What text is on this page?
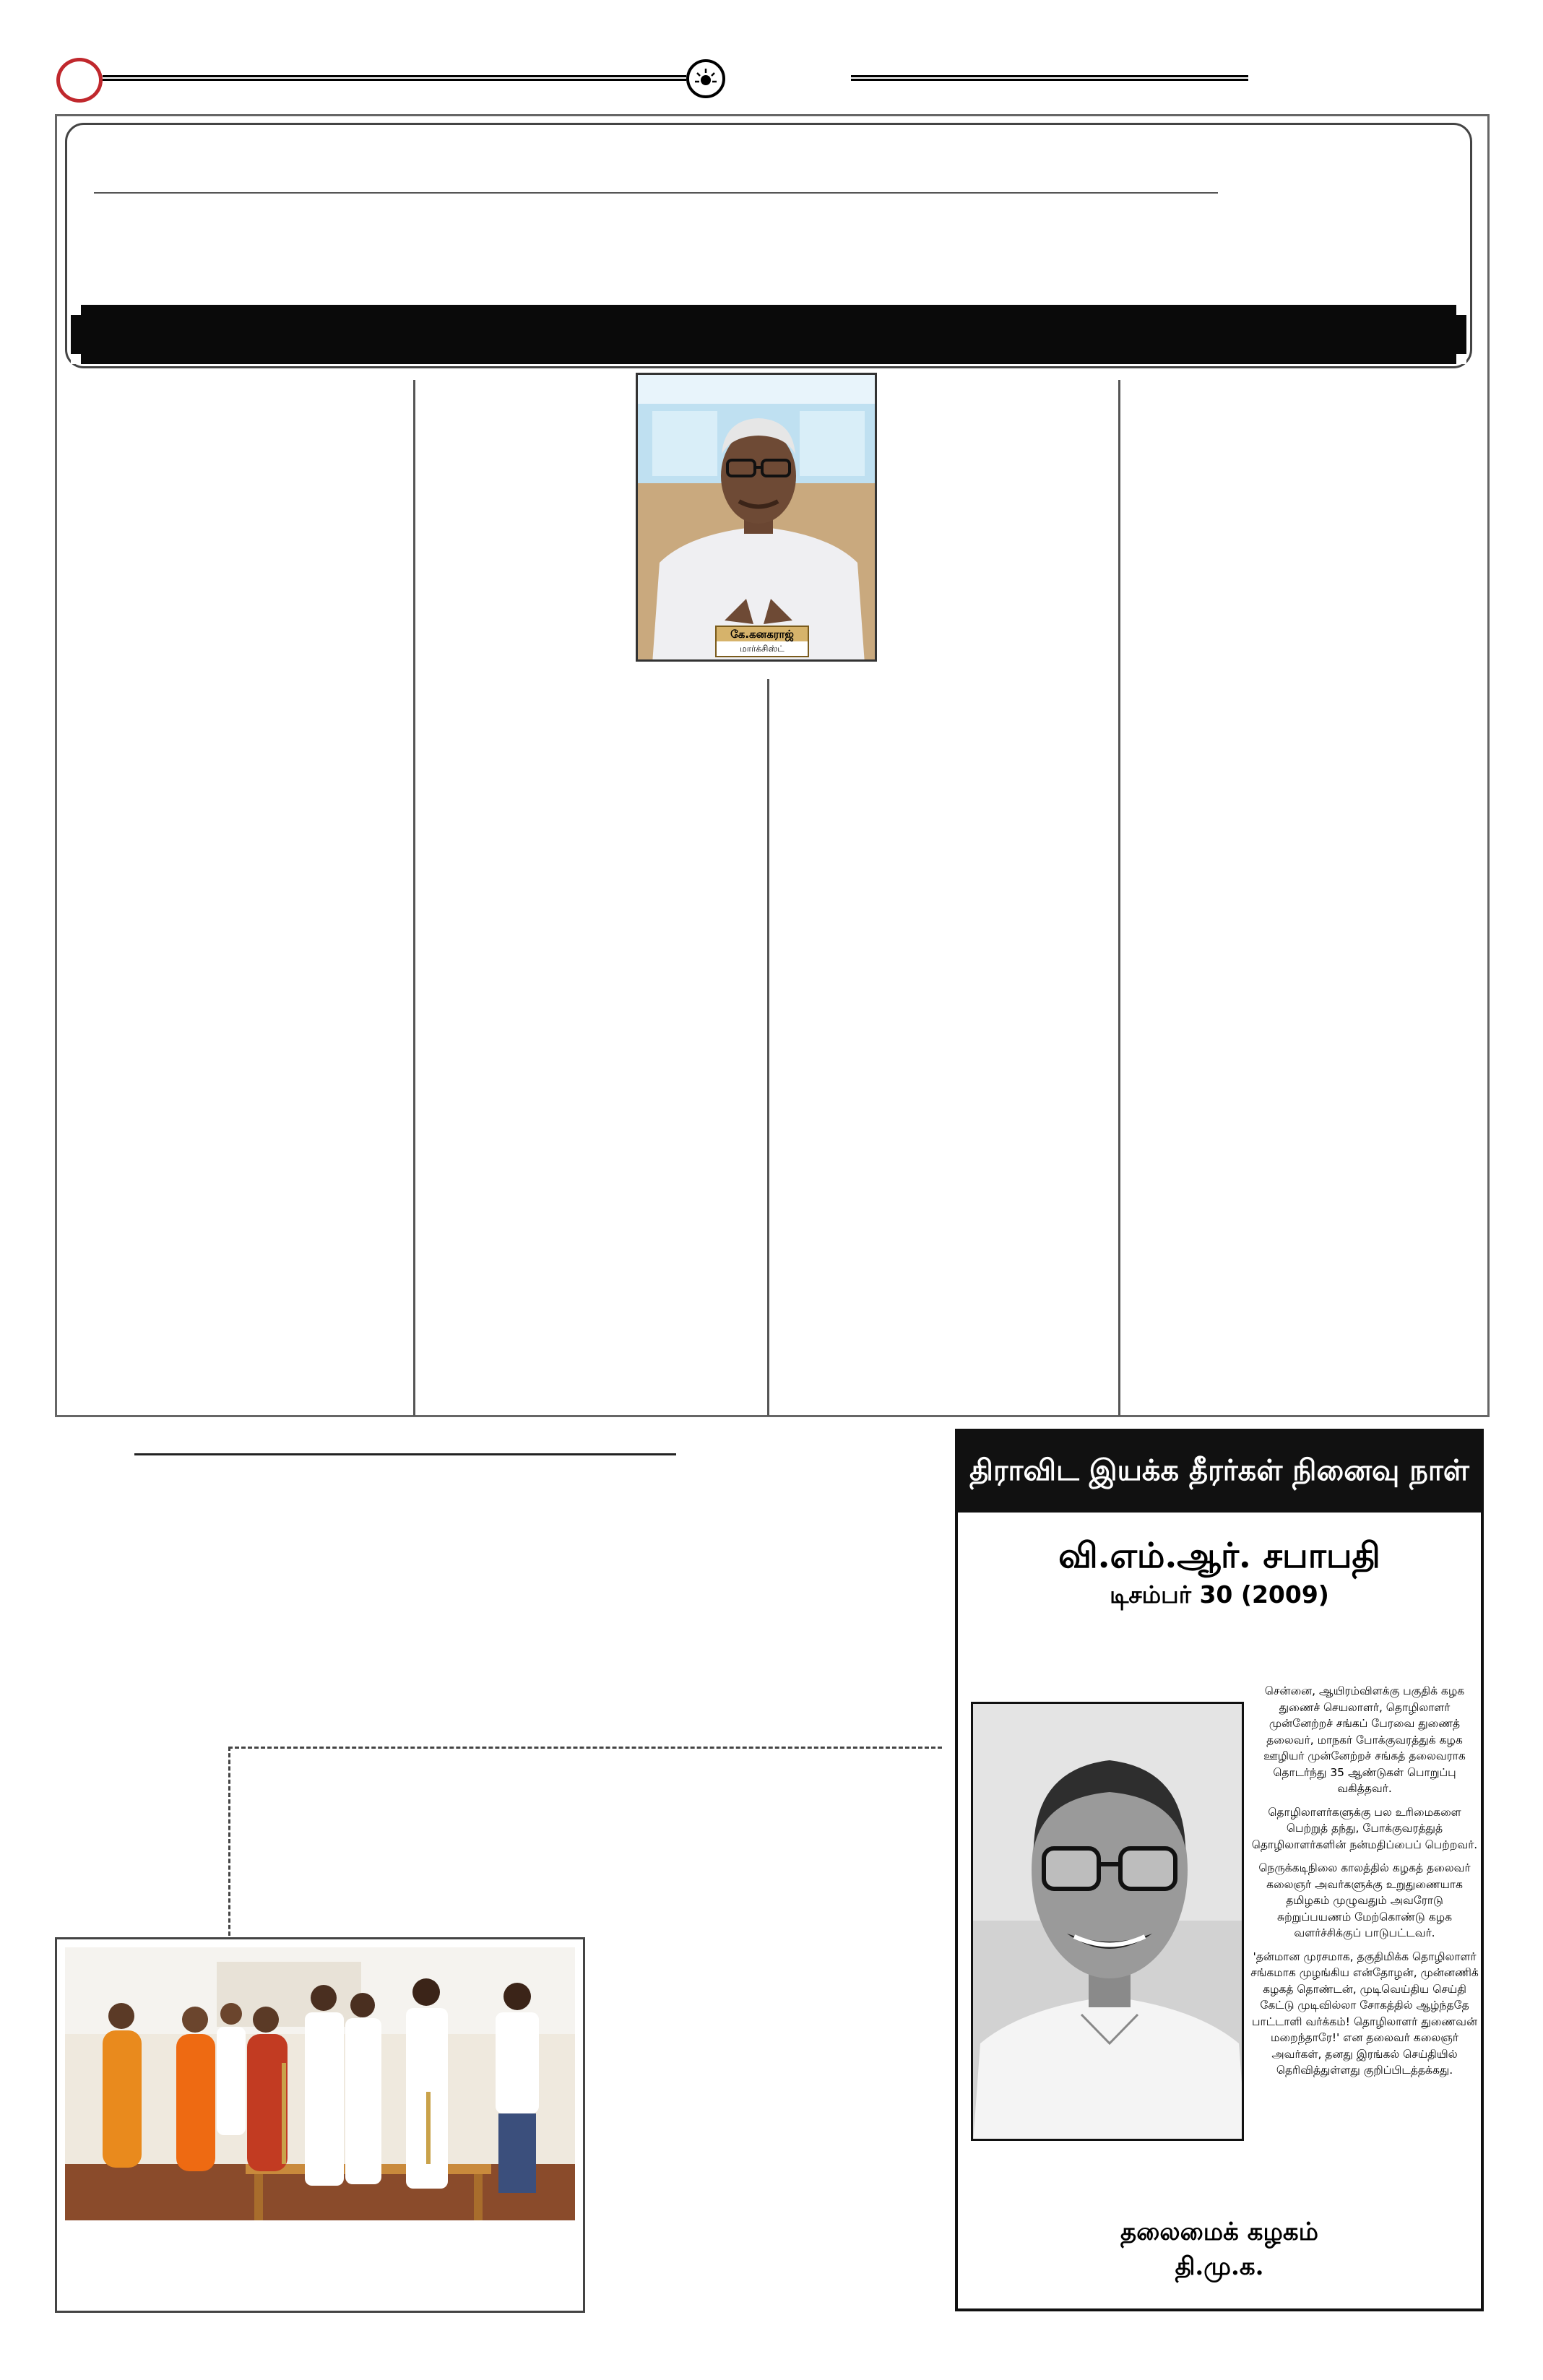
கே.கனகராஜ்
மார்க்சிஸ்ட்
திராவிட இயக்க தீரர்கள் நினைவு நாள்
வி.எம்.ஆர். சபாபதி
டிசம்பர் 30 (2009)

சென்னை, ஆயிரம்விளக்கு பகுதிக் கழக துணைச் செயலாளர், தொழிலாளர் முன்னேற்றச் சங்கப் பேரவை துணைத் தலைவர், மாநகர் போக்குவரத்துக் கழக ஊழியர் முன்னேற்றச் சங்கத் தலைவராக தொடர்ந்து 35 ஆண்டுகள் பொறுப்பு வகித்தவர்.

தொழிலாளர்களுக்கு பல உரிமைகளை பெற்றுத் தந்து, போக்குவரத்துத் தொழிலாளர்களின் நன்மதிப்பைப் பெற்றவர்.

நெருக்கடிநிலை காலத்தில் கழகத் தலைவர் கலைஞர் அவர்களுக்கு உறுதுணையாக தமிழகம் முழுவதும் அவரோடு சுற்றுப்பயணம் மேற்கொண்டு கழக வளர்ச்சிக்குப் பாடுபட்டவர்.

'தன்மான முரசமாக, தகுதிமிக்க தொழிலாளர் சங்கமாக முழங்கிய என்தோழன், முன்னணிக் கழகத் தொண்டன், முடிவெய்திய செய்தி கேட்டு முடிவில்லா சோகத்தில் ஆழ்ந்ததே பாட்டாளி வர்க்கம்! தொழிலாளர் துணைவன் மறைந்தாரே!' என தலைவர் கலைஞர் அவர்கள், தனது இரங்கல் செய்தியில் தெரிவித்துள்ளது குறிப்பிடத்தக்கது.

தலைமைக் கழகம்
தி.மு.க.
